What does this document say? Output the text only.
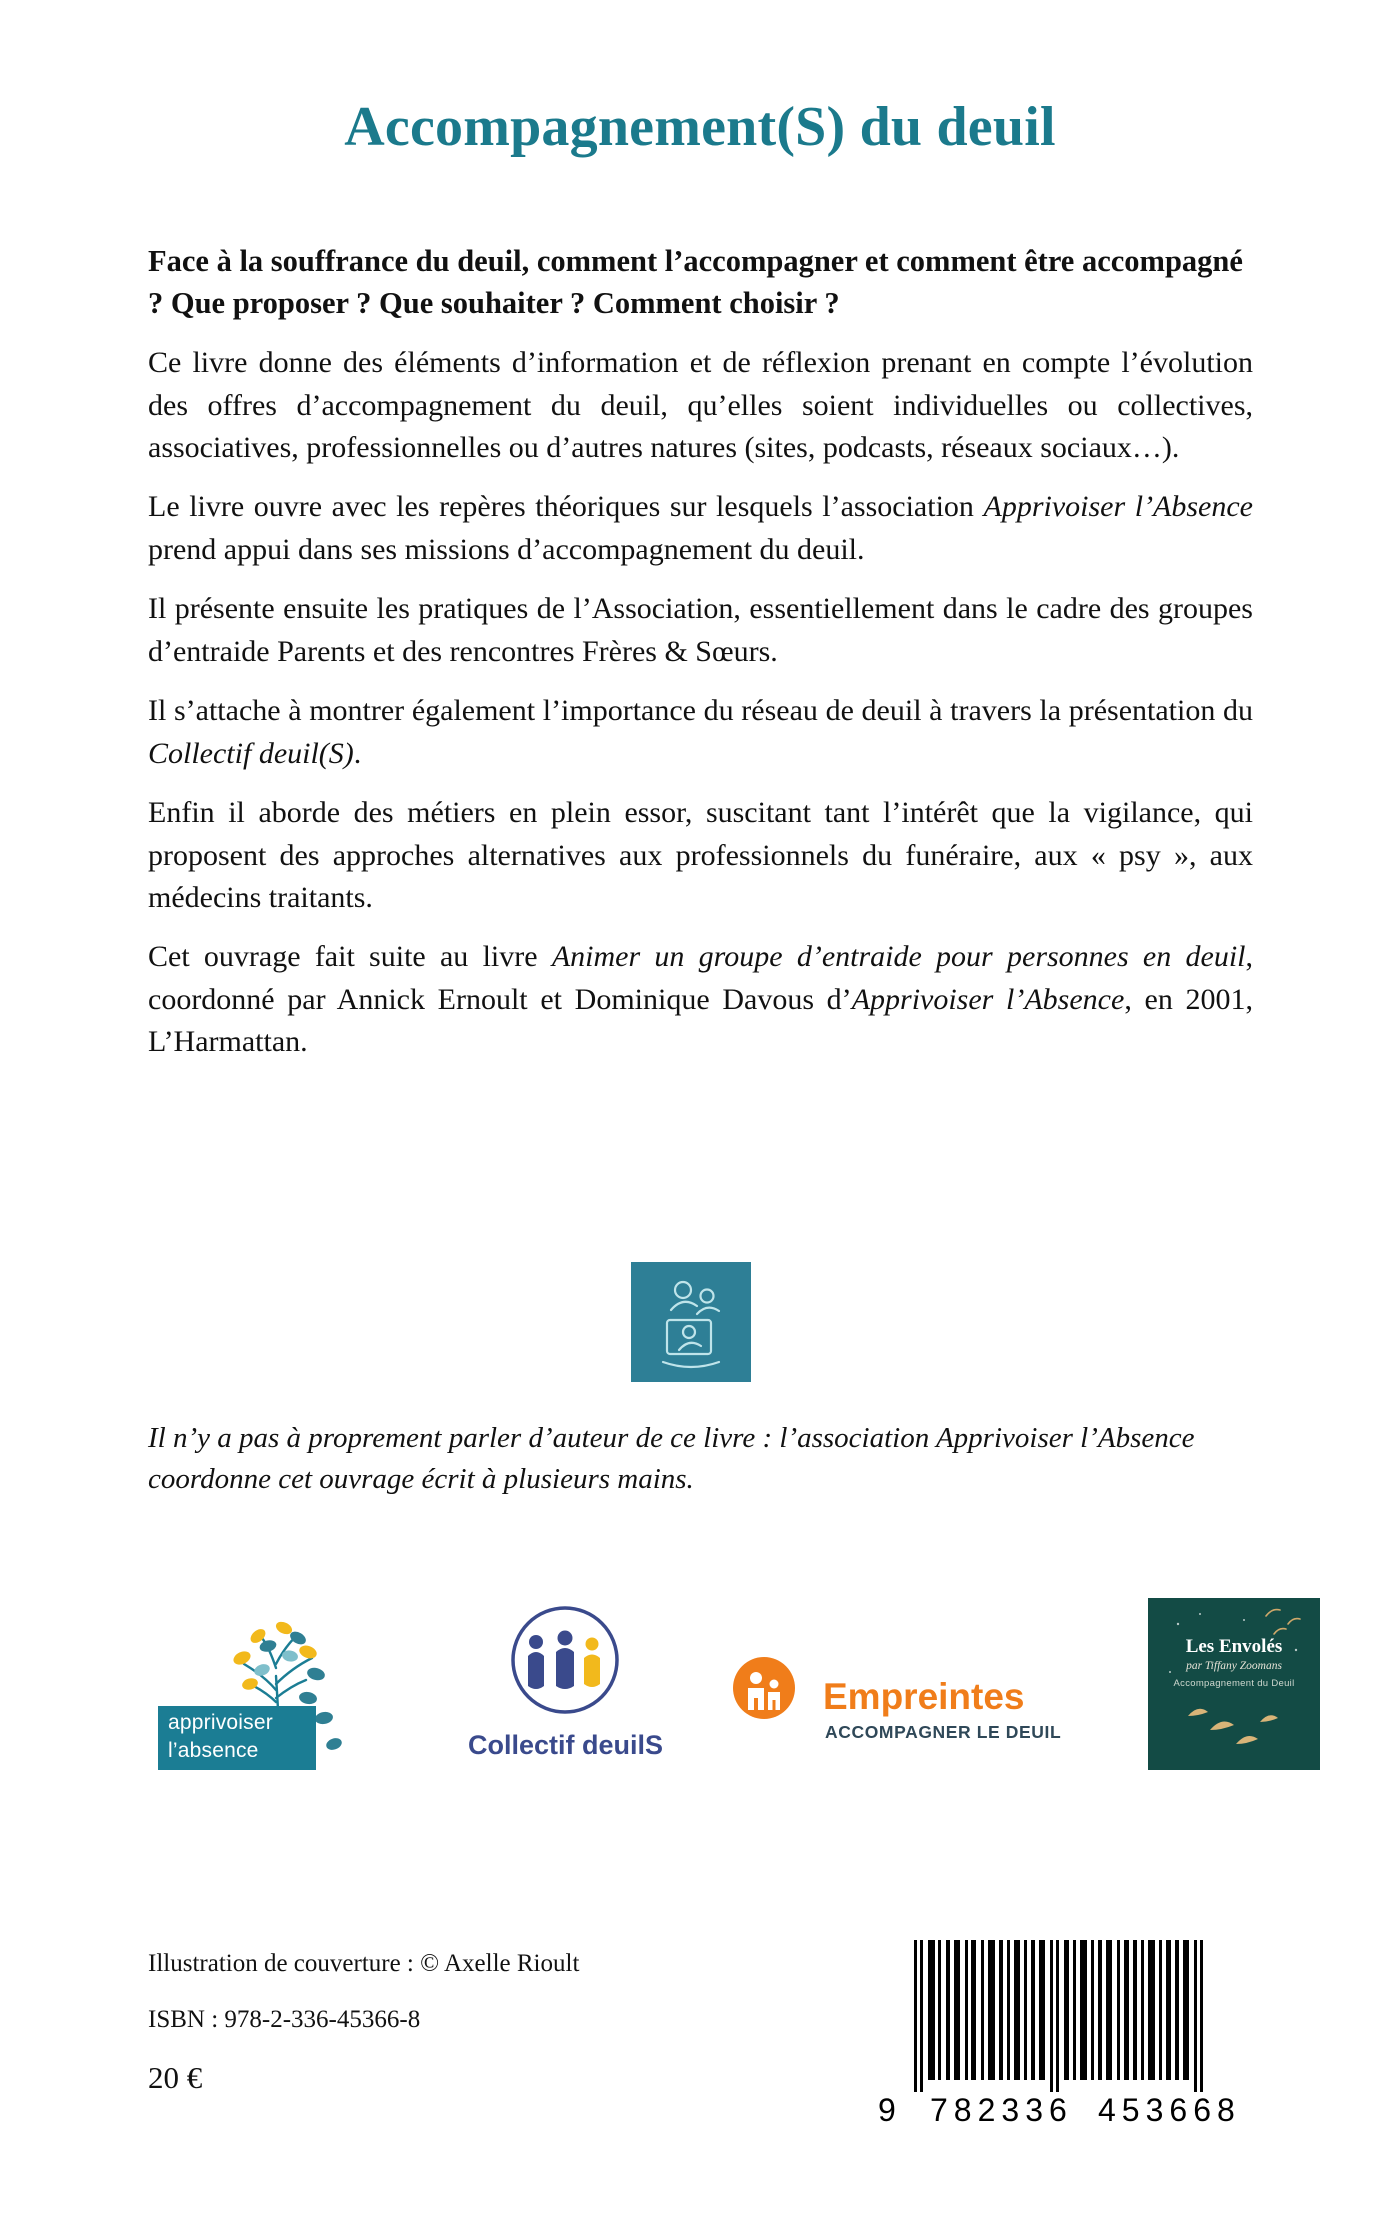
Accompagnement(S) du deuil

Face à la souffrance du deuil, comment l’accompagner et comment être accompagné ? Que proposer ? Que souhaiter ? Comment choisir ?

Ce livre donne des éléments d’information et de réflexion prenant en compte l’évolution des offres d’accompagnement du deuil, qu’elles soient individuelles ou collectives, associatives, professionnelles ou d’autres natures (sites, podcasts, réseaux sociaux…).

Le livre ouvre avec les repères théoriques sur lesquels l’association Apprivoiser l’Absence prend appui dans ses missions d’accompagnement du deuil.

Il présente ensuite les pratiques de l’Association, essentiellement dans le cadre des groupes d’entraide Parents et des rencontres Frères & Sœurs.

Il s’attache à montrer également l’importance du réseau de deuil à travers la présentation du Collectif deuil(S).

Enfin il aborde des métiers en plein essor, suscitant tant l’intérêt que la vigilance, qui proposent des approches alternatives aux professionnels du funéraire, aux « psy », aux médecins traitants.

Cet ouvrage fait suite au livre Animer un groupe d’entraide pour personnes en deuil, coordonné par Annick Ernoult et Dominique Davous d’Apprivoiser l’Absence, en 2001, L’Harmattan.

Il n’y a pas à proprement parler d’auteur de ce livre : l’association Apprivoiser l’Absence coordonne cet ouvrage écrit à plusieurs mains.
apprivoiser
l’absence	Collectif deuilS
Empreintes
ACCOMPAGNER LE DEUIL
Les Envolés
par Tiffany Zoomans
Accompagnement du Deuil
Illustration de couverture : © Axelle Rioult
ISBN : 978-2-336-45366-8
20 €
9 782336 453668
